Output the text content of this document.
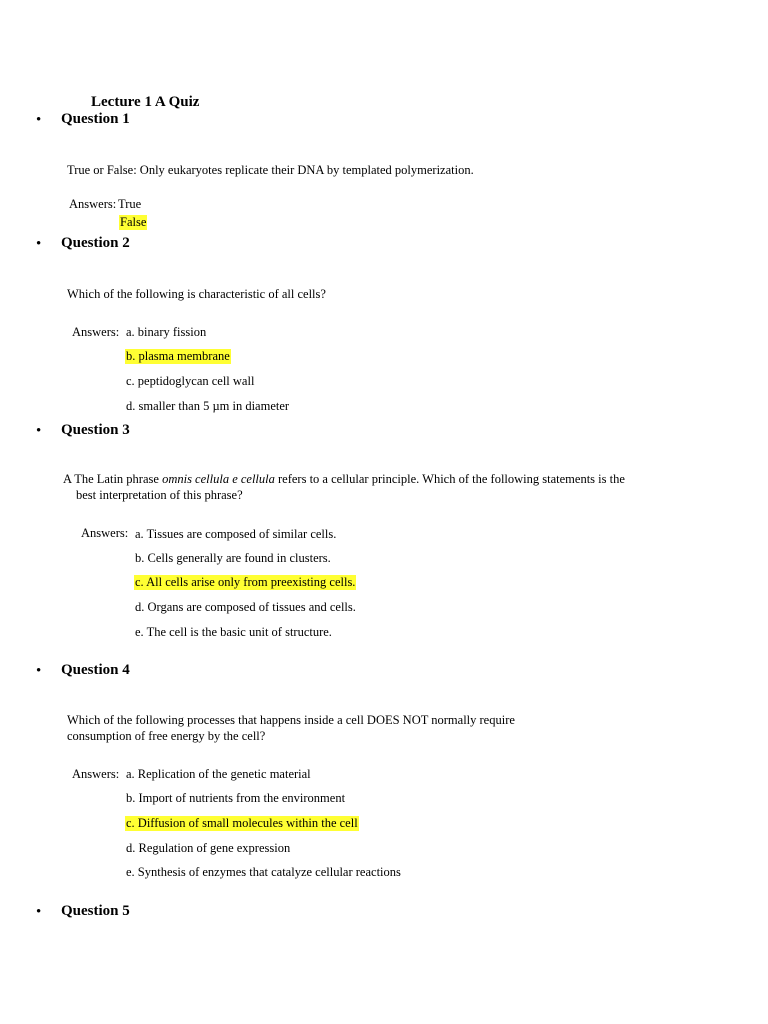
Lecture 1 A Quiz
• Question 1
True or False: Only eukaryotes replicate their DNA by templated polymerization.
Answers: True
False
• Question 2
Which of the following is characteristic of all cells?
Answers: a. binary fission
b. plasma membrane
c. peptidoglycan cell wall
d. smaller than 5 µm in diameter
• Question 3
A The Latin phrase omnis cellula e cellula refers to a cellular principle. Which of the following statements is the
best interpretation of this phrase?
Answers: a. Tissues are composed of similar cells.
b. Cells generally are found in clusters.
c. All cells arise only from preexisting cells.
d. Organs are composed of tissues and cells.
e. The cell is the basic unit of structure.
• Question 4
Which of the following processes that happens inside a cell DOES NOT normally require
consumption of free energy by the cell?
Answers: a. Replication of the genetic material
b. Import of nutrients from the environment
c. Diffusion of small molecules within the cell
d. Regulation of gene expression
e. Synthesis of enzymes that catalyze cellular reactions
• Question 5
